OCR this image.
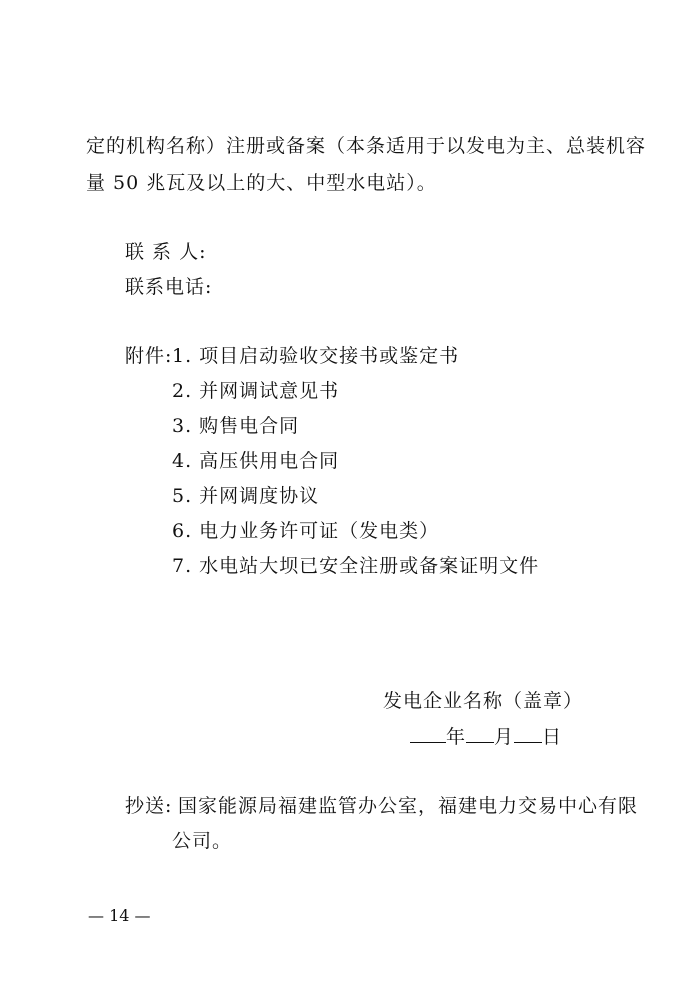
定的机构名称）注册或备案（本条适用于以发电为主、总装机容
量 50 兆瓦及以上的大、中型水电站）。
联 系 人:
联系电话:
附件: 1. 项目启动验收交接书或鉴定书
2. 并网调试意见书
3. 购售电合同
4. 高压供用电合同
5. 并网调度协议
6. 电力业务许可证（发电类）
7. 水电站大坝已安全注册或备案证明文件
发电企业名称（盖章）
年 月 日
抄送: 国家能源局福建监管办公室，福建电力交易中心有限
公司。
— 14 —
